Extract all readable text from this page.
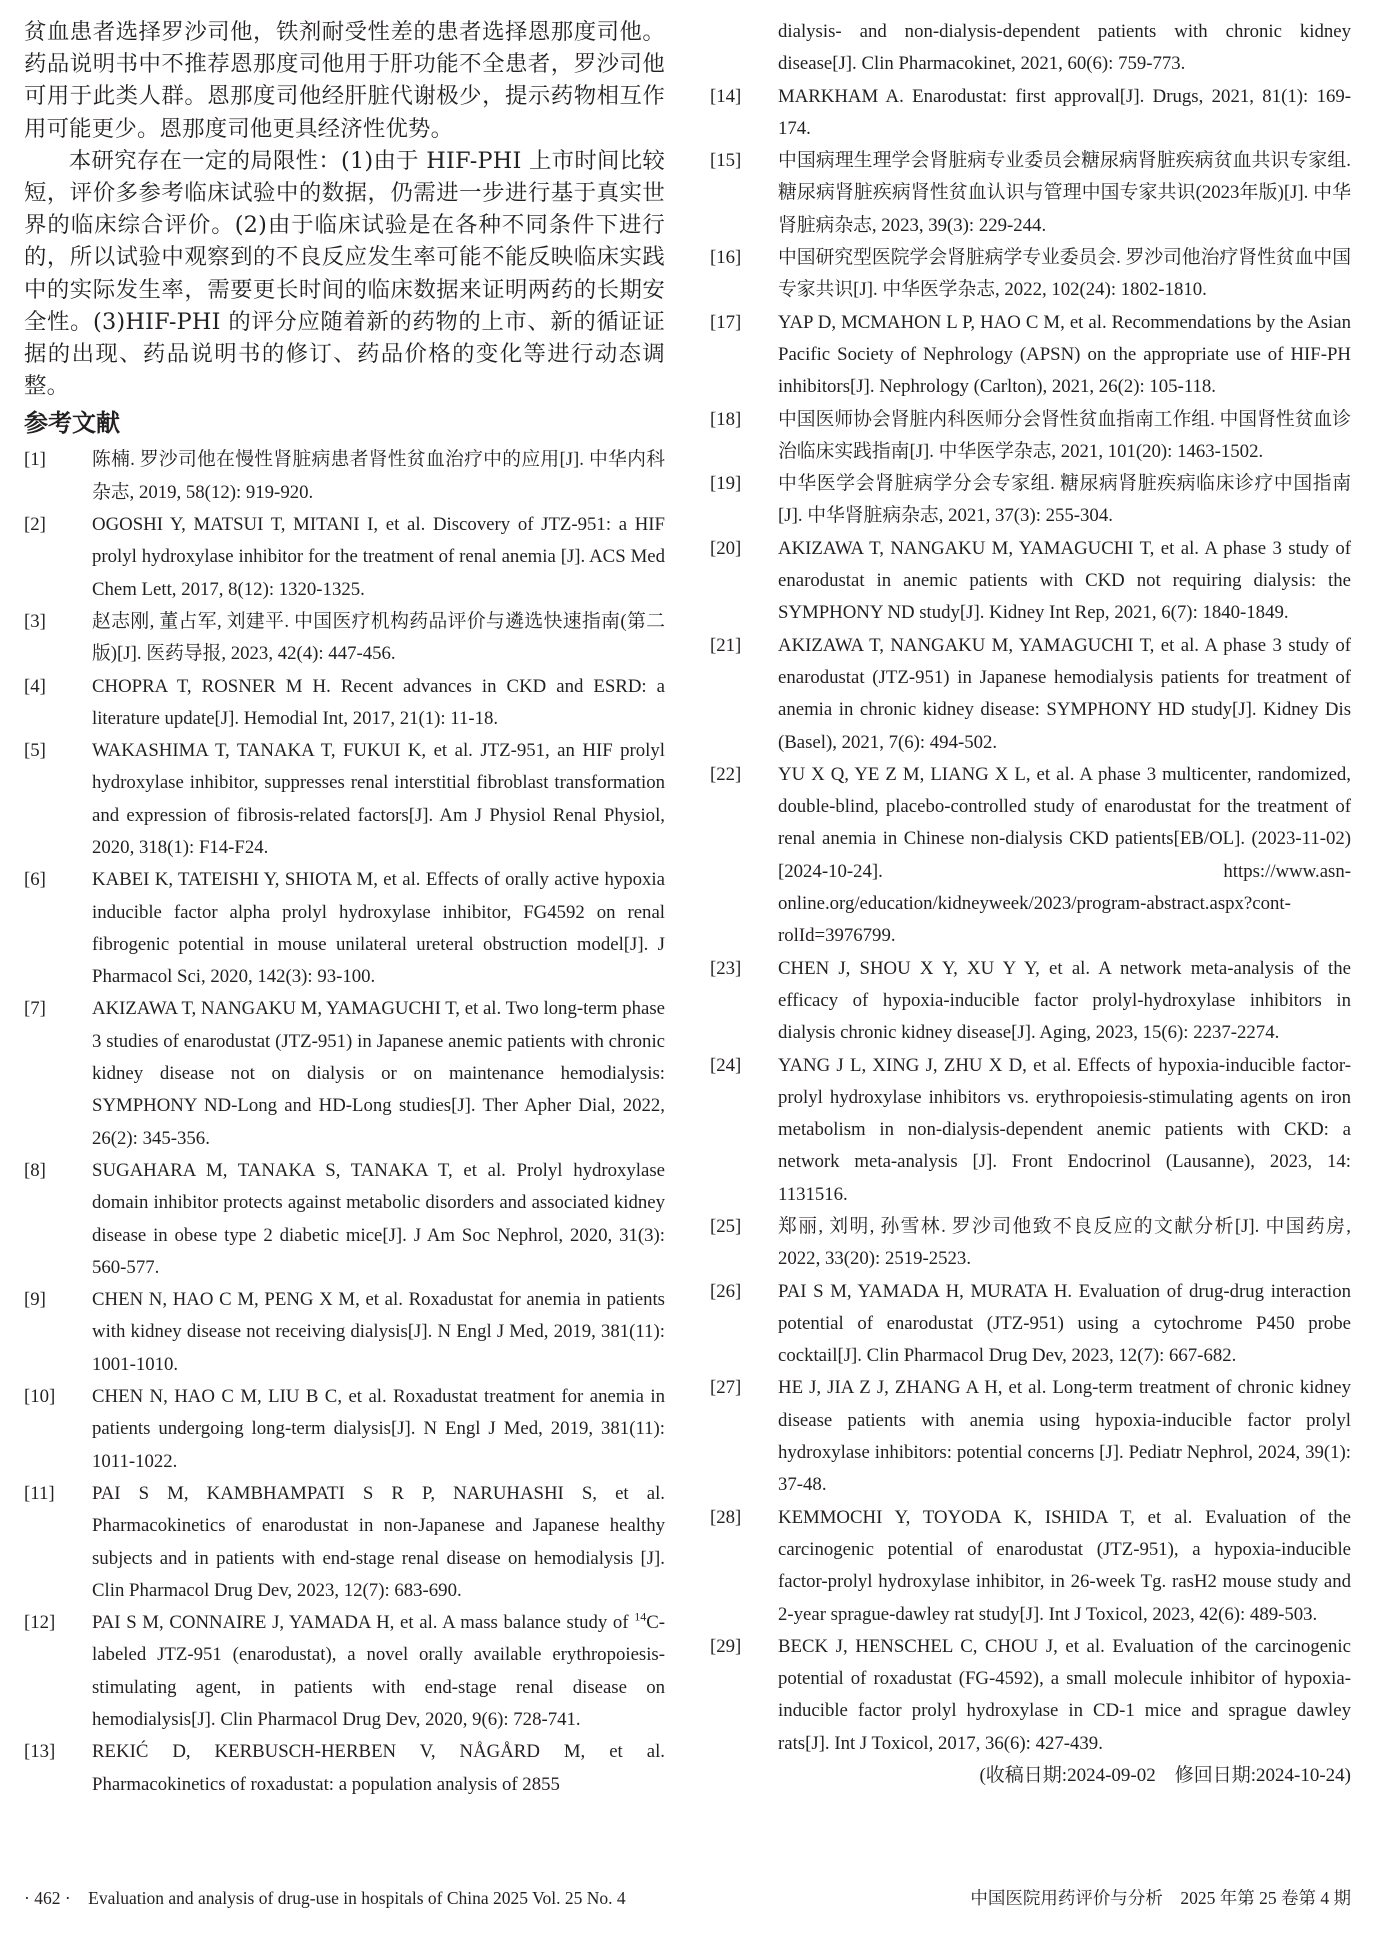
贫血患者选择罗沙司他，铁剂耐受性差的患者选择恩那度司他。药品说明书中不推荐恩那度司他用于肝功能不全患者，罗沙司他可用于此类人群。恩那度司他经肝脏代谢极少，提示药物相互作用可能更少。恩那度司他更具经济性优势。

本研究存在一定的局限性：(1)由于 HIF-PHI 上市时间比较短，评价多参考临床试验中的数据，仍需进一步进行基于真实世界的临床综合评价。(2)由于临床试验是在各种不同条件下进行的，所以试验中观察到的不良反应发生率可能不能反映临床实践中的实际发生率，需要更长时间的临床数据来证明两药的长期安全性。(3)HIF-PHI 的评分应随着新的药物的上市、新的循证证据的出现、药品说明书的修订、药品价格的变化等进行动态调整。

参考文献
[1]	陈楠. 罗沙司他在慢性肾脏病患者肾性贫血治疗中的应用[J]. 中华内科杂志, 2019, 58(12): 919-920.
[2]	OGOSHI Y, MATSUI T, MITANI I, et al. Discovery of JTZ-951: a HIF prolyl hydroxylase inhibitor for the treatment of renal anemia [J]. ACS Med Chem Lett, 2017, 8(12): 1320-1325.
[3]	赵志刚, 董占军, 刘建平. 中国医疗机构药品评价与遴选快速指南(第二版)[J]. 医药导报, 2023, 42(4): 447-456.
[4]	CHOPRA T, ROSNER M H. Recent advances in CKD and ESRD: a literature update[J]. Hemodial Int, 2017, 21(1): 11-18.
[5]	WAKASHIMA T, TANAKA T, FUKUI K, et al. JTZ-951, an HIF prolyl hydroxylase inhibitor, suppresses renal interstitial fibroblast transformation and expression of fibrosis-related factors[J]. Am J Physiol Renal Physiol, 2020, 318(1): F14-F24.
[6]	KABEI K, TATEISHI Y, SHIOTA M, et al. Effects of orally active hypoxia inducible factor alpha prolyl hydroxylase inhibitor, FG4592 on renal fibrogenic potential in mouse unilateral ureteral obstruction model[J]. J Pharmacol Sci, 2020, 142(3): 93-100.
[7]	AKIZAWA T, NANGAKU M, YAMAGUCHI T, et al. Two long-term phase 3 studies of enarodustat (JTZ-951) in Japanese anemic patients with chronic kidney disease not on dialysis or on maintenance hemodialysis: SYMPHONY ND-Long and HD-Long studies[J]. Ther Apher Dial, 2022, 26(2): 345-356.
[8]	SUGAHARA M, TANAKA S, TANAKA T, et al. Prolyl hydroxylase domain inhibitor protects against metabolic disorders and associated kidney disease in obese type 2 diabetic mice[J]. J Am Soc Nephrol, 2020, 31(3): 560-577.
[9]	CHEN N, HAO C M, PENG X M, et al. Roxadustat for anemia in patients with kidney disease not receiving dialysis[J]. N Engl J Med, 2019, 381(11): 1001-1010.
[10]	CHEN N, HAO C M, LIU B C, et al. Roxadustat treatment for anemia in patients undergoing long-term dialysis[J]. N Engl J Med, 2019, 381(11): 1011-1022.
[11]	PAI S M, KAMBHAMPATI S R P, NARUHASHI S, et al. Pharmacokinetics of enarodustat in non-Japanese and Japanese healthy subjects and in patients with end-stage renal disease on hemodialysis [J]. Clin Pharmacol Drug Dev, 2023, 12(7): 683-690.
[12]	PAI S M, CONNAIRE J, YAMADA H, et al. A mass balance study of $^{14}$C-labeled JTZ-951 (enarodustat), a novel orally available erythropoiesis-stimulating agent, in patients with end-stage renal disease on hemodialysis[J]. Clin Pharmacol Drug Dev, 2020, 9(6): 728-741.
[13]	REKIĆ D, KERBUSCH-HERBEN V, NÅGÅRD M, et al. Pharmacokinetics of roxadustat: a population analysis of 2855
dialysis- and non-dialysis-dependent patients with chronic kidney disease[J]. Clin Pharmacokinet, 2021, 60(6): 759-773.
[14]	MARKHAM A. Enarodustat: first approval[J]. Drugs, 2021, 81(1): 169-174.
[15]	中国病理生理学会肾脏病专业委员会糖尿病肾脏疾病贫血共识专家组. 糖尿病肾脏疾病肾性贫血认识与管理中国专家共识(2023年版)[J]. 中华肾脏病杂志, 2023, 39(3): 229-244.
[16]	中国研究型医院学会肾脏病学专业委员会. 罗沙司他治疗肾性贫血中国专家共识[J]. 中华医学杂志, 2022, 102(24): 1802-1810.
[17]	YAP D, MCMAHON L P, HAO C M, et al. Recommendations by the Asian Pacific Society of Nephrology (APSN) on the appropriate use of HIF-PH inhibitors[J]. Nephrology (Carlton), 2021, 26(2): 105-118.
[18]	中国医师协会肾脏内科医师分会肾性贫血指南工作组. 中国肾性贫血诊治临床实践指南[J]. 中华医学杂志, 2021, 101(20): 1463-1502.
[19]	中华医学会肾脏病学分会专家组. 糖尿病肾脏疾病临床诊疗中国指南[J]. 中华肾脏病杂志, 2021, 37(3): 255-304.
[20]	AKIZAWA T, NANGAKU M, YAMAGUCHI T, et al. A phase 3 study of enarodustat in anemic patients with CKD not requiring dialysis: the SYMPHONY ND study[J]. Kidney Int Rep, 2021, 6(7): 1840-1849.
[21]	AKIZAWA T, NANGAKU M, YAMAGUCHI T, et al. A phase 3 study of enarodustat (JTZ-951) in Japanese hemodialysis patients for treatment of anemia in chronic kidney disease: SYMPHONY HD study[J]. Kidney Dis (Basel), 2021, 7(6): 494-502.
[22]	YU X Q, YE Z M, LIANG X L, et al. A phase 3 multicenter, randomized, double-blind, placebo-controlled study of enarodustat for the treatment of renal anemia in Chinese non-dialysis CKD patients[EB/OL]. (2023-11-02)[2024-10-24]. https://www.asn-online.org/education/kidneyweek/2023/program-abstract.aspx?cont-rolId=3976799.
[23]	CHEN J, SHOU X Y, XU Y Y, et al. A network meta-analysis of the efficacy of hypoxia-inducible factor prolyl-hydroxylase inhibitors in dialysis chronic kidney disease[J]. Aging, 2023, 15(6): 2237-2274.
[24]	YANG J L, XING J, ZHU X D, et al. Effects of hypoxia-inducible factor-prolyl hydroxylase inhibitors vs. erythropoiesis-stimulating agents on iron metabolism in non-dialysis-dependent anemic patients with CKD: a network meta-analysis [J]. Front Endocrinol (Lausanne), 2023, 14: 1131516.
[25]	郑丽, 刘明, 孙雪林. 罗沙司他致不良反应的文献分析[J]. 中国药房, 2022, 33(20): 2519-2523.
[26]	PAI S M, YAMADA H, MURATA H. Evaluation of drug-drug interaction potential of enarodustat (JTZ-951) using a cytochrome P450 probe cocktail[J]. Clin Pharmacol Drug Dev, 2023, 12(7): 667-682.
[27]	HE J, JIA Z J, ZHANG A H, et al. Long-term treatment of chronic kidney disease patients with anemia using hypoxia-inducible factor prolyl hydroxylase inhibitors: potential concerns [J]. Pediatr Nephrol, 2024, 39(1): 37-48.
[28]	KEMMOCHI Y, TOYODA K, ISHIDA T, et al. Evaluation of the carcinogenic potential of enarodustat (JTZ-951), a hypoxia-inducible factor-prolyl hydroxylase inhibitor, in 26-week Tg. rasH2 mouse study and 2-year sprague-dawley rat study[J]. Int J Toxicol, 2023, 42(6): 489-503.
[29]	BECK J, HENSCHEL C, CHOU J, et al. Evaluation of the carcinogenic potential of roxadustat (FG-4592), a small molecule inhibitor of hypoxia-inducible factor prolyl hydroxylase in CD-1 mice and sprague dawley rats[J]. Int J Toxicol, 2017, 36(6): 427-439.
(收稿日期:2024-09-02　修回日期:2024-10-24)
· 462 ·　Evaluation and analysis of drug-use in hospitals of China 2025 Vol. 25 No. 4	中国医院用药评价与分析　2025 年第 25 卷第 4 期
